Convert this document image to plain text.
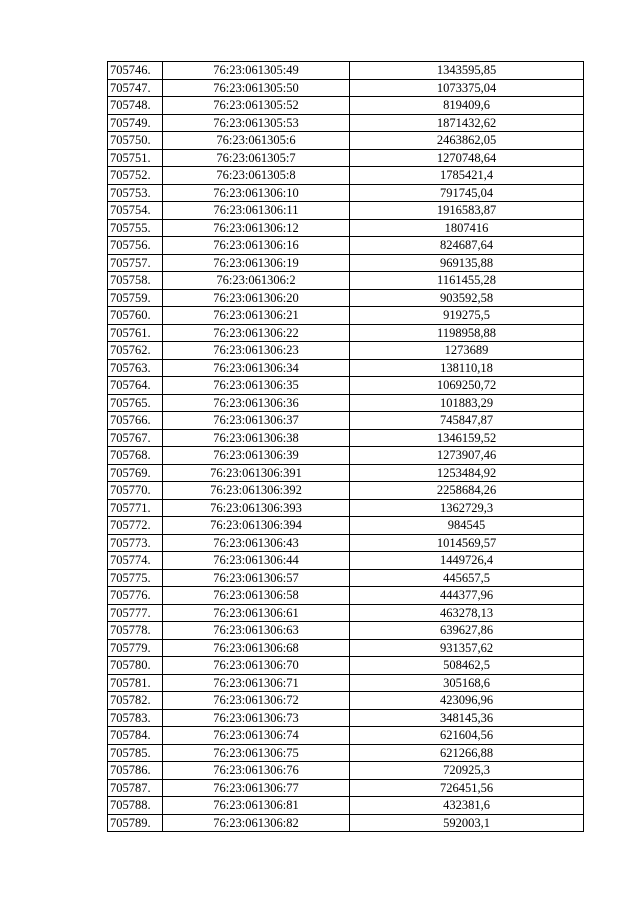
705746.	76:23:061305:49	1343595,85
705747.	76:23:061305:50	1073375,04
705748.	76:23:061305:52	819409,6
705749.	76:23:061305:53	1871432,62
705750.	76:23:061305:6	2463862,05
705751.	76:23:061305:7	1270748,64
705752.	76:23:061305:8	1785421,4
705753.	76:23:061306:10	791745,04
705754.	76:23:061306:11	1916583,87
705755.	76:23:061306:12	1807416
705756.	76:23:061306:16	824687,64
705757.	76:23:061306:19	969135,88
705758.	76:23:061306:2	1161455,28
705759.	76:23:061306:20	903592,58
705760.	76:23:061306:21	919275,5
705761.	76:23:061306:22	1198958,88
705762.	76:23:061306:23	1273689
705763.	76:23:061306:34	138110,18
705764.	76:23:061306:35	1069250,72
705765.	76:23:061306:36	101883,29
705766.	76:23:061306:37	745847,87
705767.	76:23:061306:38	1346159,52
705768.	76:23:061306:39	1273907,46
705769.	76:23:061306:391	1253484,92
705770.	76:23:061306:392	2258684,26
705771.	76:23:061306:393	1362729,3
705772.	76:23:061306:394	984545
705773.	76:23:061306:43	1014569,57
705774.	76:23:061306:44	1449726,4
705775.	76:23:061306:57	445657,5
705776.	76:23:061306:58	444377,96
705777.	76:23:061306:61	463278,13
705778.	76:23:061306:63	639627,86
705779.	76:23:061306:68	931357,62
705780.	76:23:061306:70	508462,5
705781.	76:23:061306:71	305168,6
705782.	76:23:061306:72	423096,96
705783.	76:23:061306:73	348145,36
705784.	76:23:061306:74	621604,56
705785.	76:23:061306:75	621266,88
705786.	76:23:061306:76	720925,3
705787.	76:23:061306:77	726451,56
705788.	76:23:061306:81	432381,6
705789.	76:23:061306:82	592003,1
